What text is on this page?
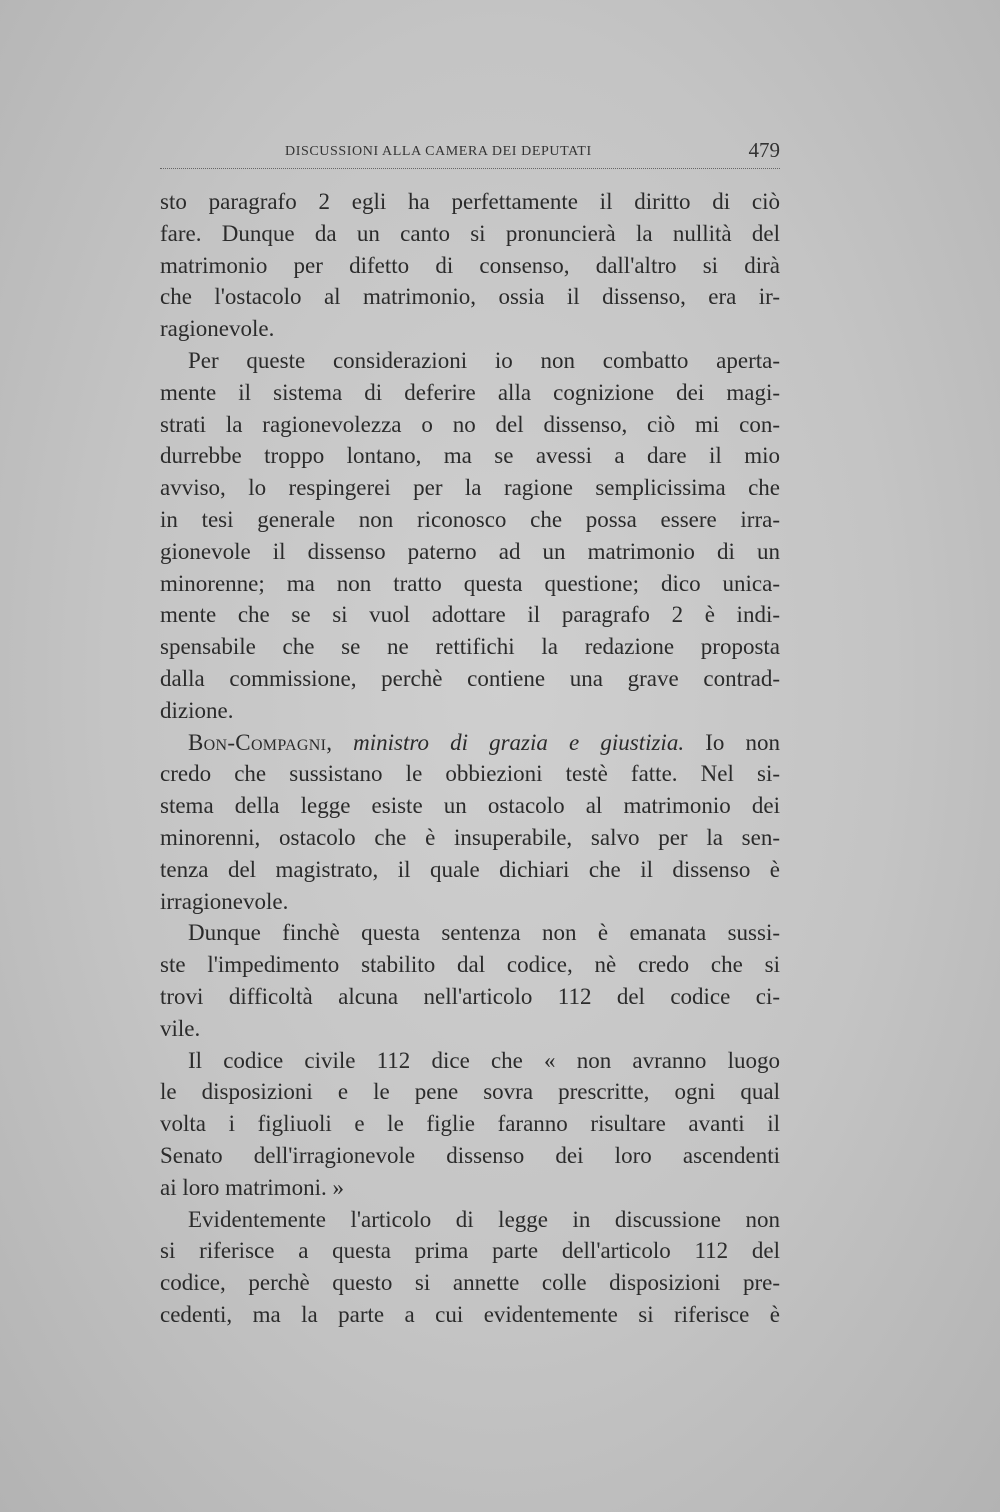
DISCUSSIONI ALLA CAMERA DEI DEPUTATI	479
sto paragrafo 2 egli ha perfettamente il diritto di ciò
fare. Dunque da un canto si pronuncierà la nullità del
matrimonio per difetto di consenso, dall'altro si dirà
che l'ostacolo al matrimonio, ossia il dissenso, era ir-
ragionevole.
Per queste considerazioni io non combatto aperta-
mente il sistema di deferire alla cognizione dei magi-
strati la ragionevolezza o no del dissenso, ciò mi con-
durrebbe troppo lontano, ma se avessi a dare il mio
avviso, lo respingerei per la ragione semplicissima che
in tesi generale non riconosco che possa essere irra-
gionevole il dissenso paterno ad un matrimonio di un
minorenne; ma non tratto questa questione; dico unica-
mente che se si vuol adottare il paragrafo 2 è indi-
spensabile che se ne rettifichi la redazione proposta
dalla commissione, perchè contiene una grave contrad-
dizione.
Bon-Compagni, ministro di grazia e giustizia. Io non
credo che sussistano le obbiezioni testè fatte. Nel si-
stema della legge esiste un ostacolo al matrimonio dei
minorenni, ostacolo che è insuperabile, salvo per la sen-
tenza del magistrato, il quale dichiari che il dissenso è
irragionevole.
Dunque finchè questa sentenza non è emanata sussi-
ste l'impedimento stabilito dal codice, nè credo che si
trovi difficoltà alcuna nell'articolo 112 del codice ci-
vile.
Il codice civile 112 dice che « non avranno luogo
le disposizioni e le pene sovra prescritte, ogni qual
volta i figliuoli e le figlie faranno risultare avanti il
Senato dell'irragionevole dissenso dei loro ascendenti
ai loro matrimoni. »
Evidentemente l'articolo di legge in discussione non
si riferisce a questa prima parte dell'articolo 112 del
codice, perchè questo si annette colle disposizioni pre-
cedenti, ma la parte a cui evidentemente si riferisce è
